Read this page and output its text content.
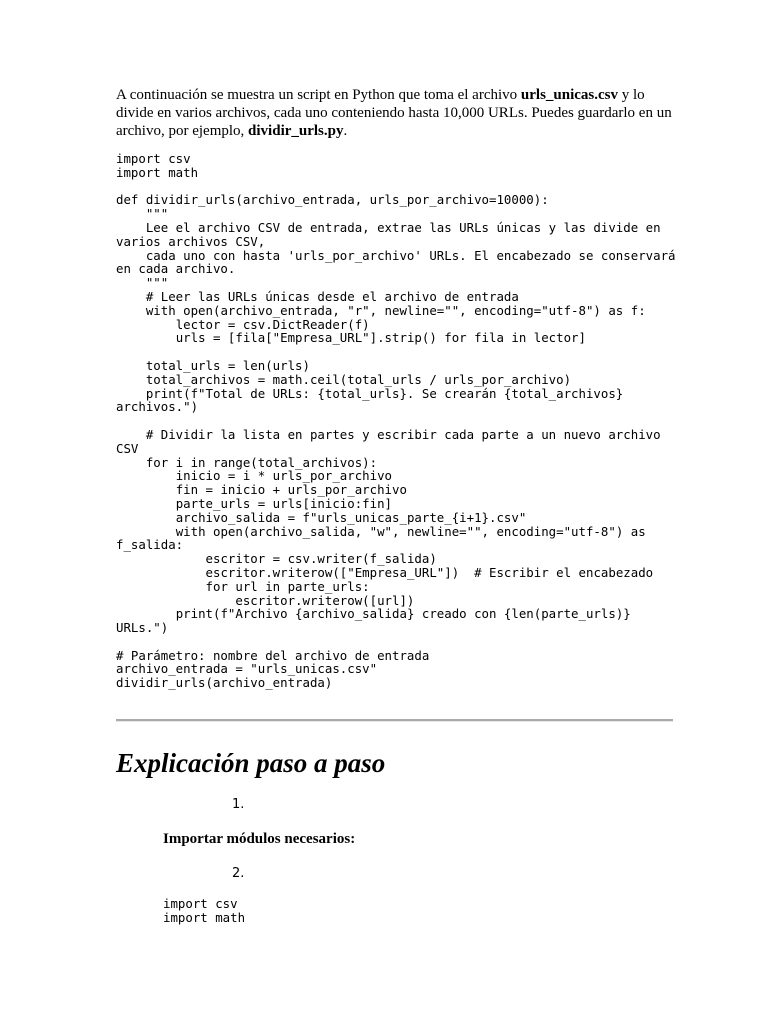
A continuación se muestra un script en Python que toma el archivo urls_unicas.csv y lo divide en varios archivos, cada uno conteniendo hasta 10,000 URLs. Puedes guardarlo en un archivo, por ejemplo, dividir_urls.py.

import csv
import math

def dividir_urls(archivo_entrada, urls_por_archivo=10000):
"""
Lee el archivo CSV de entrada, extrae las URLs únicas y las divide en varios archivos CSV,
cada uno con hasta 'urls_por_archivo' URLs. El encabezado se conservará en cada archivo.
"""
# Leer las URLs únicas desde el archivo de entrada
with open(archivo_entrada, "r", newline="", encoding="utf-8") as f:
lector = csv.DictReader(f)
urls = [fila["Empresa_URL"].strip() for fila in lector]

total_urls = len(urls)
total_archivos = math.ceil(total_urls / urls_por_archivo)
print(f"Total de URLs: {total_urls}. Se crearán {total_archivos} archivos.")

# Dividir la lista en partes y escribir cada parte a un nuevo archivo CSV
for i in range(total_archivos):
inicio = i * urls_por_archivo
fin = inicio + urls_por_archivo
parte_urls = urls[inicio:fin]
archivo_salida = f"urls_unicas_parte_{i+1}.csv"
with open(archivo_salida, "w", newline="", encoding="utf-8") as f_salida:
escritor = csv.writer(f_salida)
escritor.writerow(["Empresa_URL"])  # Escribir el encabezado
for url in parte_urls:
escritor.writerow([url])
print(f"Archivo {archivo_salida} creado con {len(parte_urls)} URLs.")

# Parámetro: nombre del archivo de entrada
archivo_entrada = "urls_unicas.csv"
dividir_urls(archivo_entrada)
Explicación paso a paso
1.

Importar módulos necesarios:

2.
import csv
import math
